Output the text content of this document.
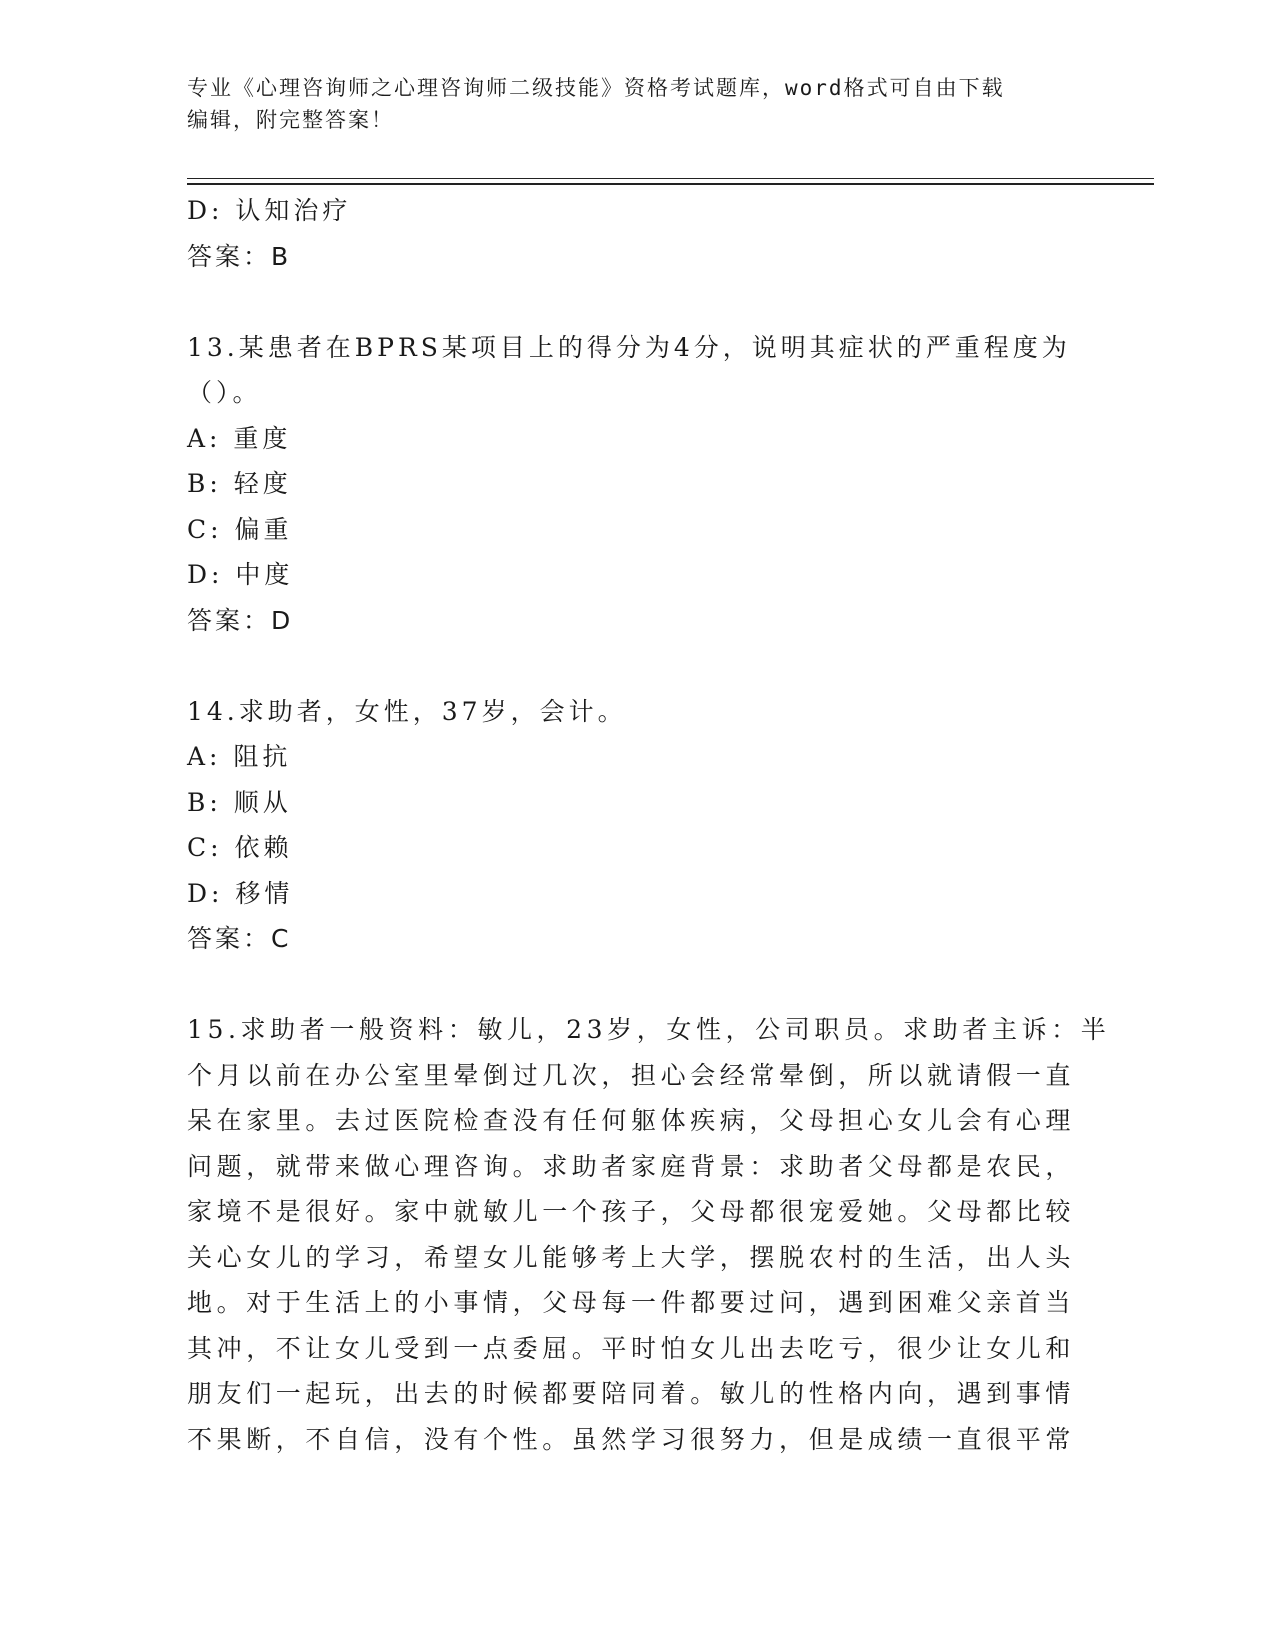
专业《心理咨询师之心理咨询师二级技能》资格考试题库，word格式可自由下载
编辑，附完整答案！
D: 认知治疗
答案：B
13.某患者在BPRS某项目上的得分为4分，说明其症状的严重程度为
（）。
A: 重度
B: 轻度
C: 偏重
D: 中度
答案：D
14.求助者，女性，37岁，会计。
A: 阻抗
B: 顺从
C: 依赖
D: 移情
答案：C
15.求助者一般资料：敏儿，23岁，女性，公司职员。求助者主诉：半
个月以前在办公室里晕倒过几次，担心会经常晕倒，所以就请假一直
呆在家里。去过医院检查没有任何躯体疾病，父母担心女儿会有心理
问题，就带来做心理咨询。求助者家庭背景：求助者父母都是农民，
家境不是很好。家中就敏儿一个孩子，父母都很宠爱她。父母都比较
关心女儿的学习，希望女儿能够考上大学，摆脱农村的生活，出人头
地。对于生活上的小事情，父母每一件都要过问，遇到困难父亲首当
其冲，不让女儿受到一点委屈。平时怕女儿出去吃亏，很少让女儿和
朋友们一起玩，出去的时候都要陪同着。敏儿的性格内向，遇到事情
不果断，不自信，没有个性。虽然学习很努力，但是成绩一直很平常
